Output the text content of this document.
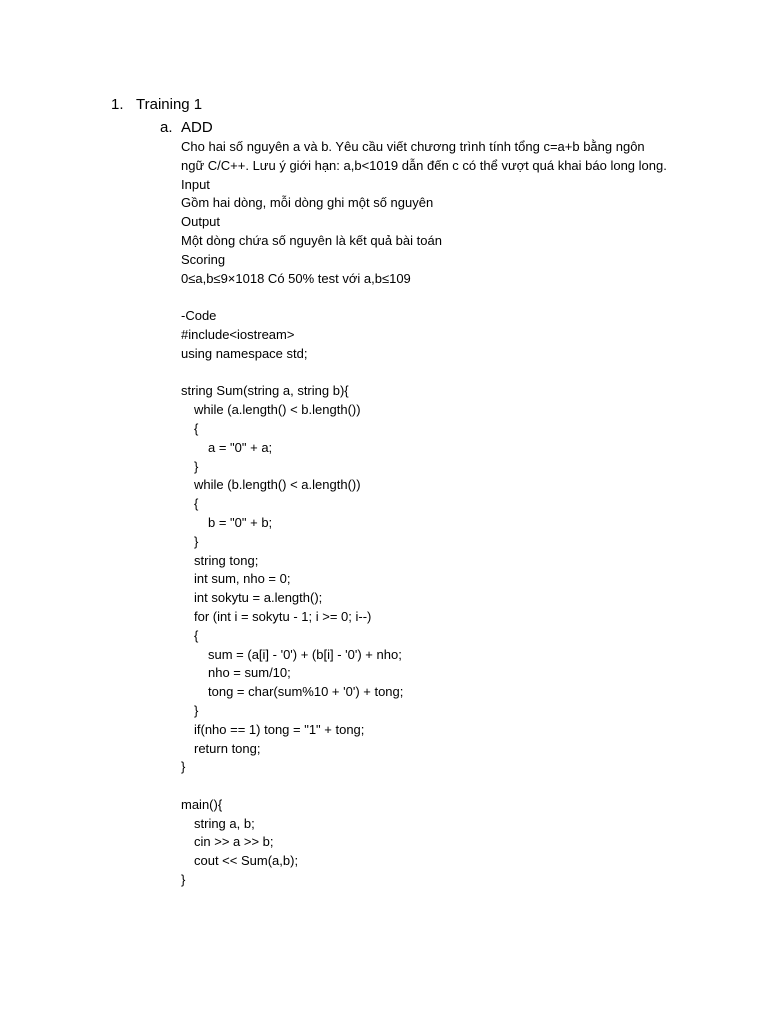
1. Training 1
a. ADD
Cho hai số nguyên a và b. Yêu cầu viết chương trình tính tổng c=a+b bằng ngôn ngữ C/C++. Lưu ý giới hạn: a,b<1019 dẫn đến c có thể vượt quá khai báo long long.
Input
Gồm hai dòng, mỗi dòng ghi một số nguyên
Output
Một dòng chứa số nguyên là kết quả bài toán
Scoring
0≤a,b≤9×1018 Có 50% test với a,b≤109
-Code
#include<iostream>
using namespace std;
string Sum(string a, string b){
while (a.length() < b.length())
{
a = "0" + a;
}
while (b.length() < a.length())
{
b = "0" + b;
}
string tong;
int sum, nho = 0;
int sokytu = a.length();
for (int i = sokytu - 1; i >= 0; i--)
{
sum = (a[i] - '0') + (b[i] - '0') + nho;
nho = sum/10;
tong = char(sum%10 + '0') + tong;
}
if(nho == 1) tong = "1" + tong;
return tong;
}
main(){
string a, b;
cin >> a >> b;
cout << Sum(a,b);
}
